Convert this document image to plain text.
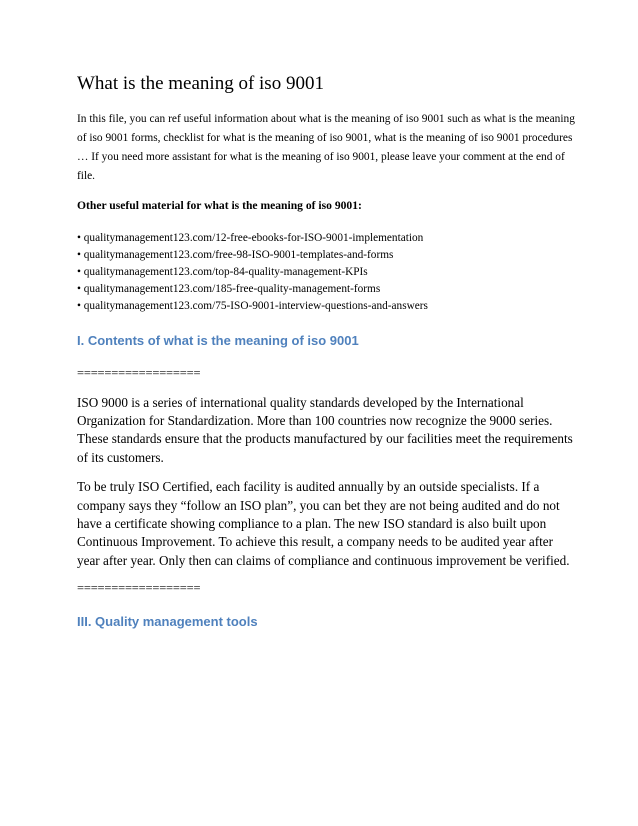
What is the meaning of iso 9001

In this file, you can ref useful information about what is the meaning of iso 9001 such as what is the meaning of iso 9001 forms, checklist for what is the meaning of iso 9001, what is the meaning of iso 9001 procedures … If you need more assistant for what is the meaning of iso 9001, please leave your comment at the end of file.

Other useful material for what is the meaning of iso 9001:

• qualitymanagement123.com/12-free-ebooks-for-ISO-9001-implementation
• qualitymanagement123.com/free-98-ISO-9001-templates-and-forms
• qualitymanagement123.com/top-84-quality-management-KPIs
• qualitymanagement123.com/185-free-quality-management-forms
• qualitymanagement123.com/75-ISO-9001-interview-questions-and-answers
I. Contents of what is the meaning of iso 9001
==================

ISO 9000 is a series of international quality standards developed by the International Organization for Standardization. More than 100 countries now recognize the 9000 series. These standards ensure that the products manufactured by our facilities meet the requirements of its customers.

To be truly ISO Certified, each facility is audited annually by an outside specialists. If a company says they “follow an ISO plan”, you can bet they are not being audited and do not have a certificate showing compliance to a plan. The new ISO standard is also built upon Continuous Improvement. To achieve this result, a company needs to be audited year after year after year. Only then can claims of compliance and continuous improvement be verified.

==================
III. Quality management tools
